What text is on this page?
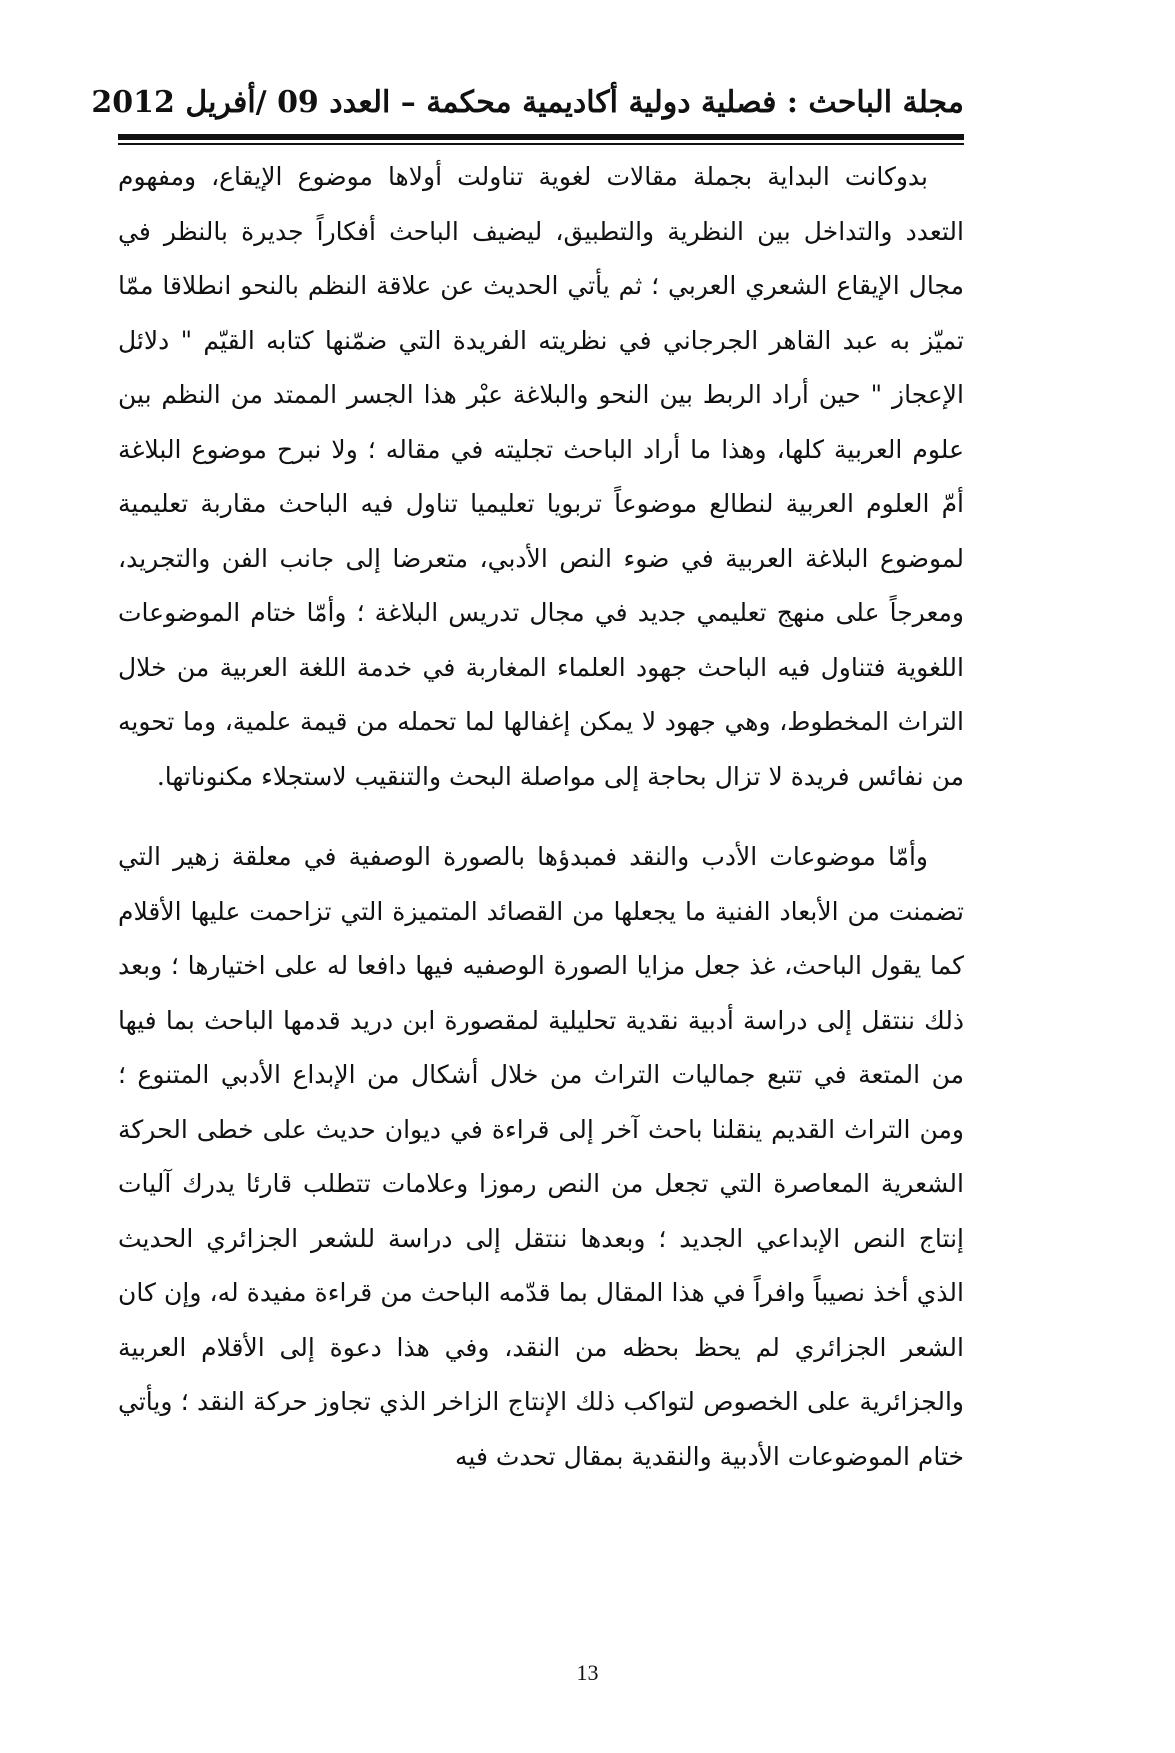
مجلة الباحث : فصلية دولية أكاديمية محكمة – العدد 09 /أفريل 2012

بدوكانت البداية بجملة مقالات لغوية تناولت أولاها موضوع الإيقاع، ومفهوم التعدد والتداخل بين النظرية والتطبيق، ليضيف الباحث أفكاراً جديرة بالنظر في مجال الإيقاع الشعري العربي ؛ ثم يأتي الحديث عن علاقة النظم بالنحو انطلاقا ممّا تميّز به عبد القاهر الجرجاني في نظريته الفريدة التي ضمّنها كتابه القيّم " دلائل الإعجاز " حين أراد الربط بين النحو والبلاغة عبْر هذا الجسر الممتد من النظم بين علوم العربية كلها، وهذا ما أراد الباحث تجليته في مقاله ؛ ولا نبرح موضوع البلاغة أمّ العلوم العربية لنطالع موضوعاً تربويا تعليميا تناول فيه الباحث مقاربة تعليمية لموضوع البلاغة العربية في ضوء النص الأدبي، متعرضا إلى جانب الفن والتجريد، ومعرجاً على منهج تعليمي جديد في مجال تدريس البلاغة ؛ وأمّا ختام الموضوعات اللغوية فتناول فيه الباحث جهود العلماء المغاربة في خدمة اللغة العربية من خلال التراث المخطوط، وهي جهود لا يمكن إغفالها لما تحمله من قيمة علمية، وما تحويه من نفائس فريدة لا تزال بحاجة إلى مواصلة البحث والتنقيب لاستجلاء مكنوناتها.

وأمّا موضوعات الأدب والنقد فمبدؤها بالصورة الوصفية في معلقة زهير التي تضمنت من الأبعاد الفنية ما يجعلها من القصائد المتميزة التي تزاحمت عليها الأقلام كما يقول الباحث، غذ جعل مزايا الصورة الوصفيه فيها دافعا له على اختيارها ؛ وبعد ذلك ننتقل إلى دراسة أدبية نقدية تحليلية لمقصورة ابن دريد قدمها الباحث بما فيها من المتعة في تتبع جماليات التراث من خلال أشكال من الإبداع الأدبي المتنوع ؛ ومن التراث القديم ينقلنا باحث آخر إلى قراءة في ديوان حديث على خطى الحركة الشعرية المعاصرة التي تجعل من النص رموزا وعلامات تتطلب قارئا يدرك آليات إنتاج النص الإبداعي الجديد ؛ وبعدها ننتقل إلى دراسة للشعر الجزائري الحديث الذي أخذ نصيباً وافراً في هذا المقال بما قدّمه الباحث من قراءة مفيدة له، وإن كان الشعر الجزائري لم يحظ بحظه من النقد، وفي هذا دعوة إلى الأقلام العربية والجزائرية على الخصوص لتواكب ذلك الإنتاج الزاخر الذي تجاوز حركة النقد ؛ ويأتي ختام الموضوعات الأدبية والنقدية بمقال تحدث فيه

13
